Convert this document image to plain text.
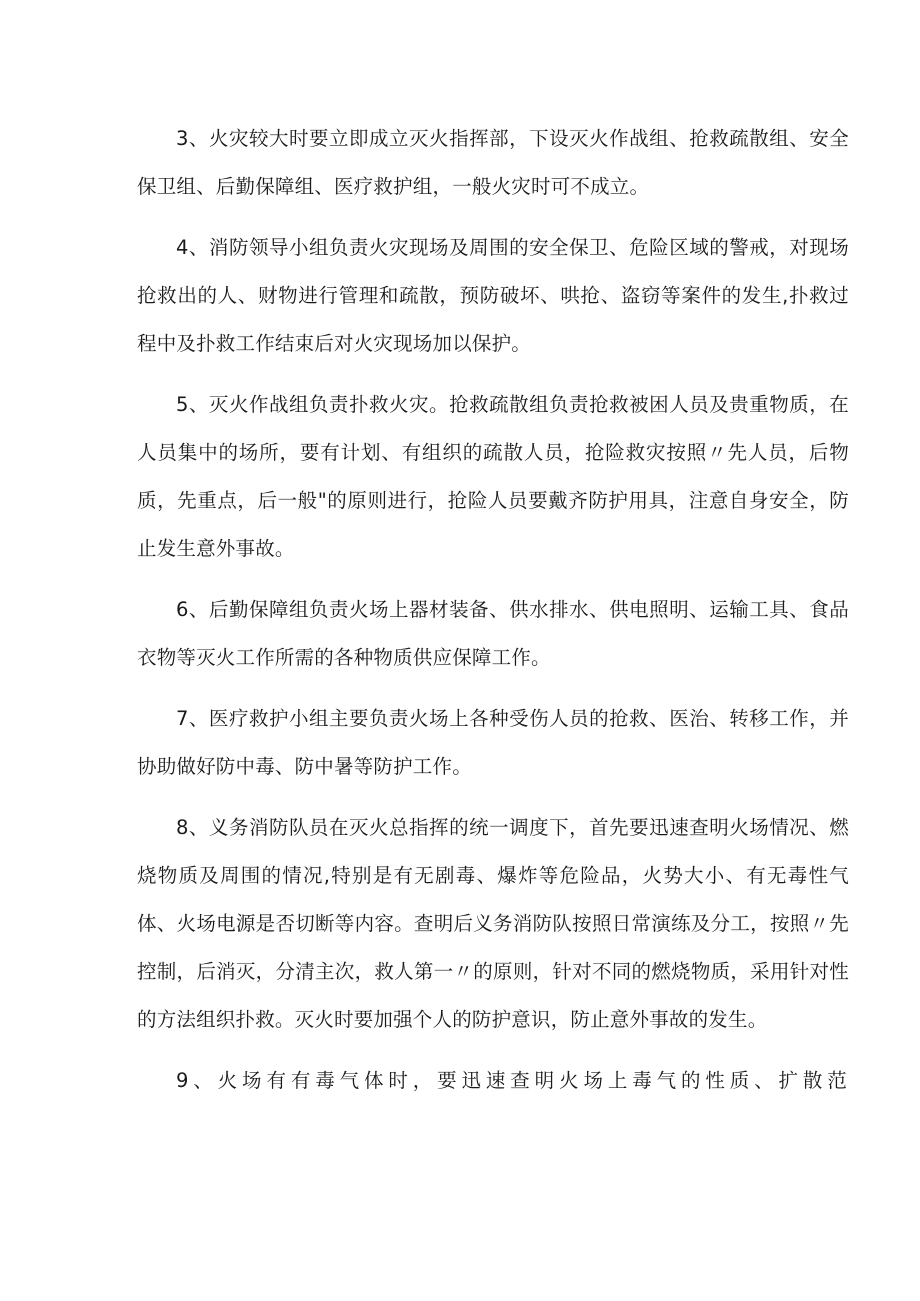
3、火灾较大时要立即成立灭火指挥部，下设灭火作战组、抢救疏散组、安全保卫组、后勤保障组、医疗救护组，一般火灾时可不成立。

4、消防领导小组负责火灾现场及周围的安全保卫、危险区域的警戒，对现场抢救出的人、财物进行管理和疏散，预防破坏、哄抢、盗窃等案件的发生,扑救过程中及扑救工作结束后对火灾现场加以保护。

5、灭火作战组负责扑救火灾。抢救疏散组负责抢救被困人员及贵重物质，在人员集中的场所，要有计划、有组织的疏散人员，抢险救灾按照〃先人员，后物质，先重点，后一般"的原则进行，抢险人员要戴齐防护用具，注意自身安全，防止发生意外事故。

6、后勤保障组负责火场上器材装备、供水排水、供电照明、运输工具、食品衣物等灭火工作所需的各种物质供应保障工作。

7、医疗救护小组主要负责火场上各种受伤人员的抢救、医治、转移工作，并协助做好防中毒、防中暑等防护工作。

8、义务消防队员在灭火总指挥的统一调度下，首先要迅速查明火场情况、燃烧物质及周围的情况,特别是有无剧毒、爆炸等危险品，火势大小、有无毒性气体、火场电源是否切断等内容。查明后义务消防队按照日常演练及分工，按照〃先控制，后消灭，分清主次，救人第一〃的原则，针对不同的燃烧物质，采用针对性的方法组织扑救。灭火时要加强个人的防护意识，防止意外事故的发生。

9、火场有有毒气体时，要迅速查明火场上毒气的性质、扩散范
